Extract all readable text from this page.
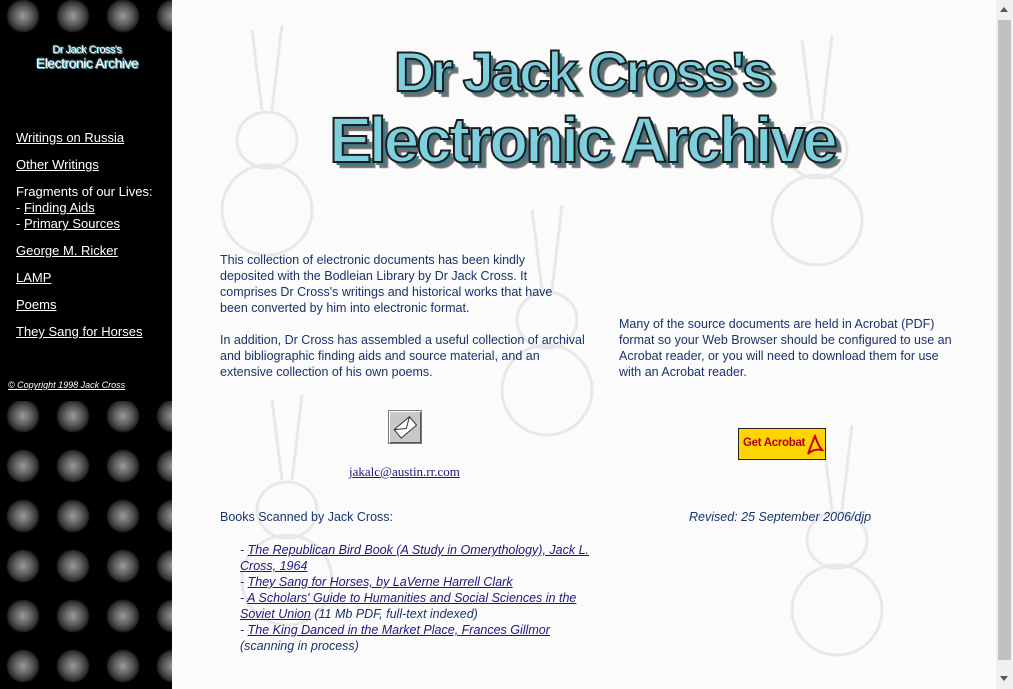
Dr Jack Cross's
Electronic Archive
Writings on Russia
Other Writings
Fragments of our Lives:
- Finding Aids
- Primary Sources
George M. Ricker
LAMP
Poems
They Sang for Horses
© Copyright 1998 Jack Cross
Dr Jack Cross's
Electronic Archive
This collection of electronic documents has been kindly deposited with the Bodleian Library by Dr Jack Cross. It comprises Dr Cross's writings and historical works that have been converted by him into electronic format.
In addition, Dr Cross has assembled a useful collection of archival and bibliographic finding aids and source material, and an extensive collection of his own poems.
Many of the source documents are held in Acrobat (PDF) format so your Web Browser should be configured to use an Acrobat reader, or you will need to download them for use with an Acrobat reader.
jakalc@austin.rr.com
Get Acrobat
Books Scanned by Jack Cross:	Revised: 25 September 2006/djp
- The Republican Bird Book (A Study in Omerythology), Jack L. Cross, 1964
- They Sang for Horses, by LaVerne Harrell Clark
- A Scholars' Guide to Humanities and Social Sciences in the Soviet Union (11 Mb PDF, full-text indexed)
- The King Danced in the Market Place, Frances Gillmor (scanning in process)
